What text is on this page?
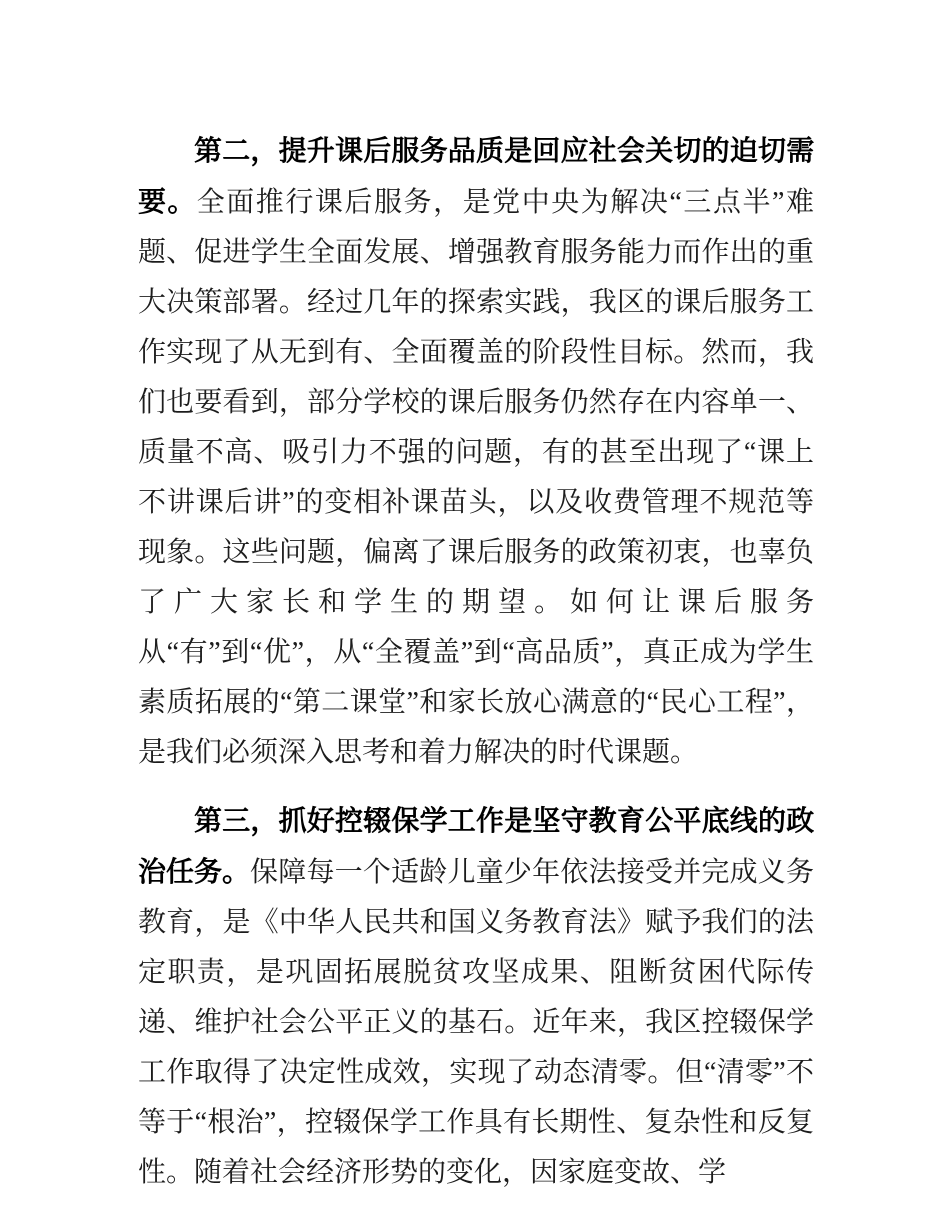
第二，提升课后服务品质是回应社会关切的迫切需要。全面推行课后服务，是党中央为解决“三点半”难题、促进学生全面发展、增强教育服务能力而作出的重大决策部署。经过几年的探索实践，我区的课后服务工作实现了从无到有、全面覆盖的阶段性目标。然而，我们也要看到，部分学校的课后服务仍然存在内容单一、质量不高、吸引力不强的问题，有的甚至出现了“课上不讲课后讲”的变相补课苗头，以及收费管理不规范等现象。这些问题，偏离了课后服务的政策初衷，也辜负了广大家长和学生的期望。如何让课后服务从“有”到“优”，从“全覆盖”到“高品质”，真正成为学生素质拓展的“第二课堂”和家长放心满意的“民心工程”，是我们必须深入思考和着力解决的时代课题。

第三，抓好控辍保学工作是坚守教育公平底线的政治任务。保障每一个适龄儿童少年依法接受并完成义务教育，是《中华人民共和国义务教育法》赋予我们的法定职责，是巩固拓展脱贫攻坚成果、阻断贫困代际传递、维护社会公平正义的基石。近年来，我区控辍保学工作取得了决定性成效，实现了动态清零。但“清零”不等于“根治”，控辍保学工作具有长期性、复杂性和反复性。随着社会经济形势的变化，因家庭变故、学
